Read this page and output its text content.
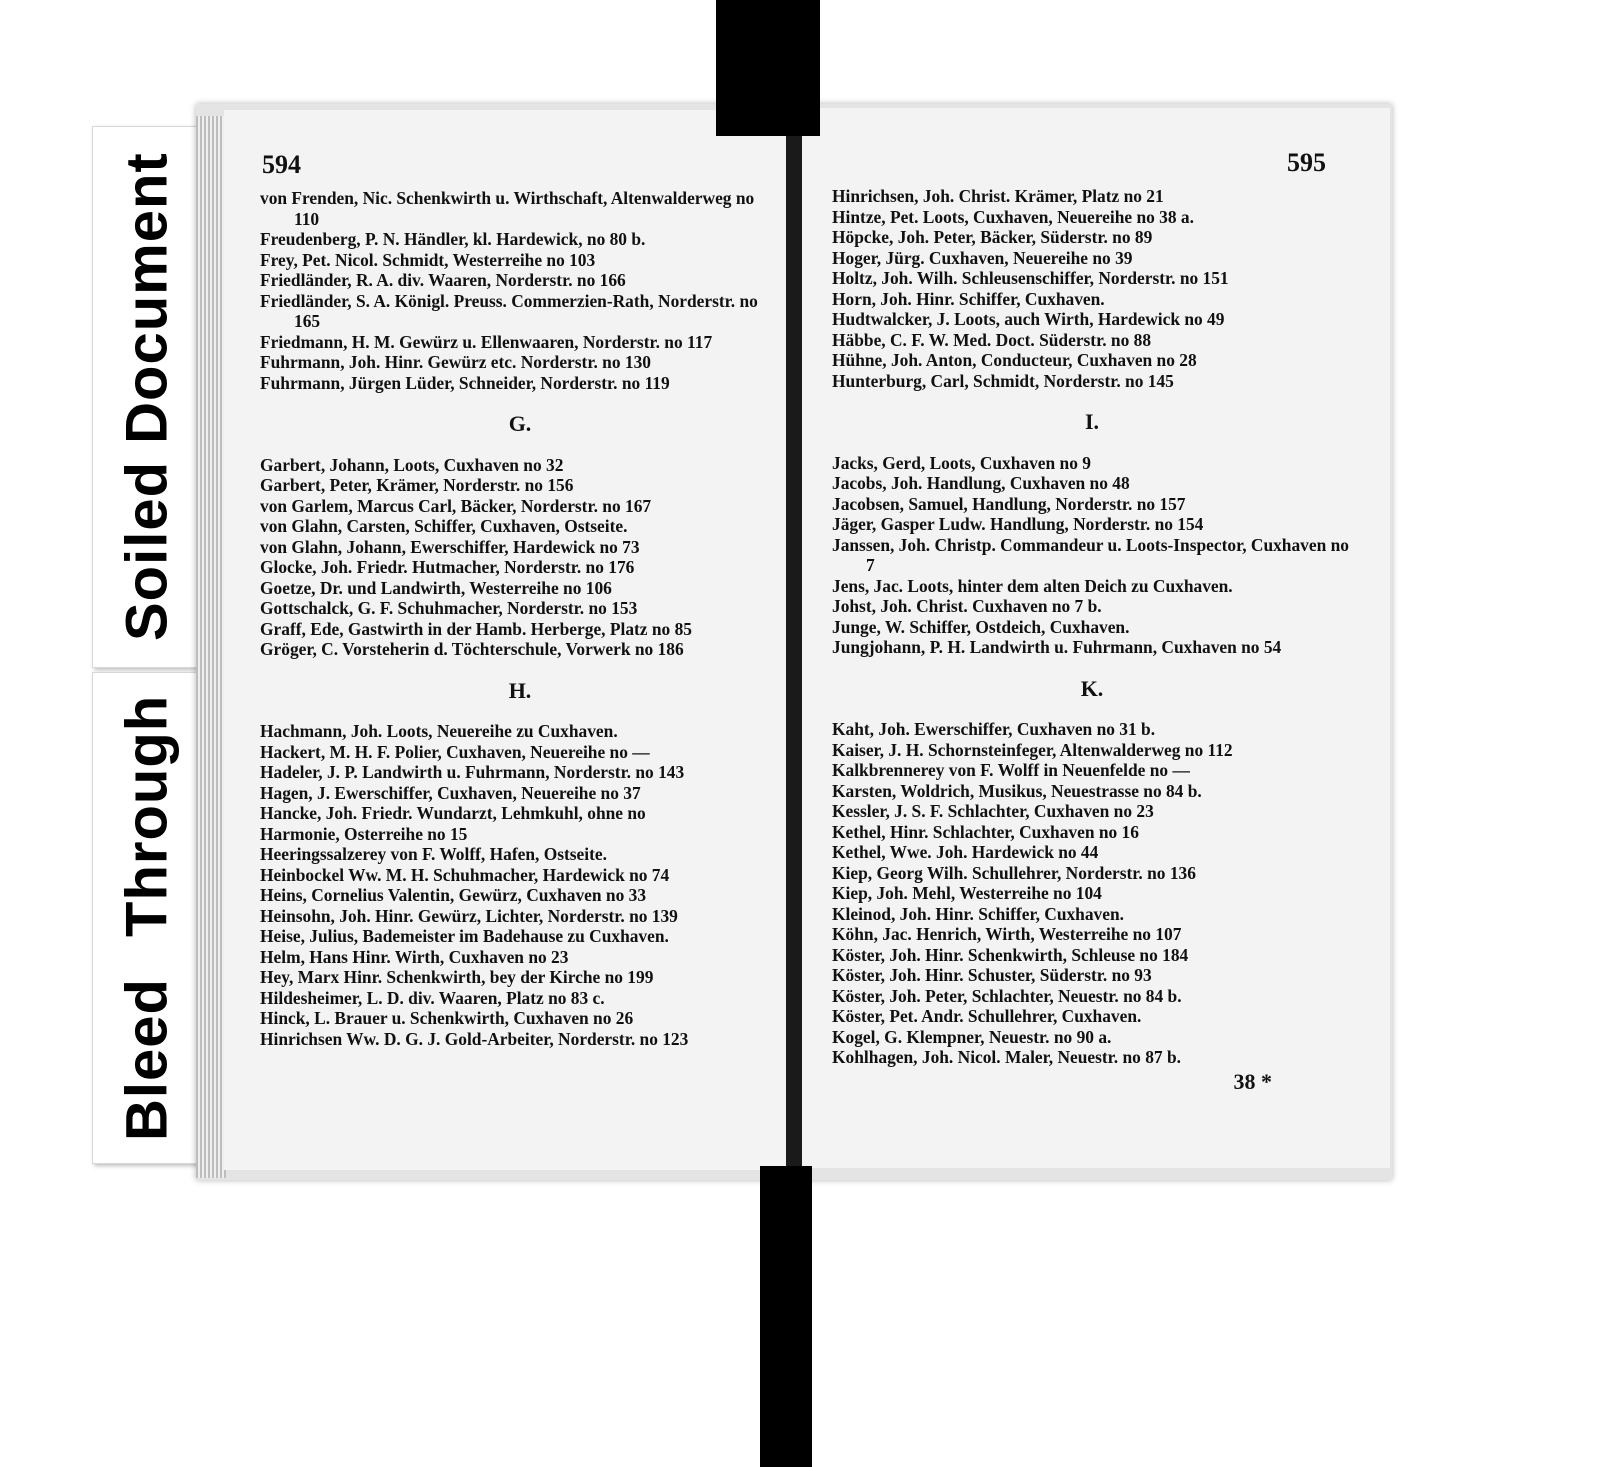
Soiled Document
Bleed Through
594
von Frenden, Nic. Schenkwirth u. Wirthschaft, Altenwalderweg no 110
Freudenberg, P. N. Händler, kl. Hardewick, no 80 b.
Frey, Pet. Nicol. Schmidt, Westerreihe no 103
Friedländer, R. A. div. Waaren, Norderstr. no 166
Friedländer, S. A. Königl. Preuss. Commerzien-Rath, Norderstr. no 165
Friedmann, H. M. Gewürz u. Ellenwaaren, Norderstr. no 117
Fuhrmann, Joh. Hinr. Gewürz etc. Norderstr. no 130
Fuhrmann, Jürgen Lüder, Schneider, Norderstr. no 119
G.
Garbert, Johann, Loots, Cuxhaven no 32
Garbert, Peter, Krämer, Norderstr. no 156
von Garlem, Marcus Carl, Bäcker, Norderstr. no 167
von Glahn, Carsten, Schiffer, Cuxhaven, Ostseite.
von Glahn, Johann, Ewerschiffer, Hardewick no 73
Glocke, Joh. Friedr. Hutmacher, Norderstr. no 176
Goetze, Dr. und Landwirth, Westerreihe no 106
Gottschalck, G. F. Schuhmacher, Norderstr. no 153
Graff, Ede, Gastwirth in der Hamb. Herberge, Platz no 85
Gröger, C. Vorsteherin d. Töchterschule, Vorwerk no 186
H.
Hachmann, Joh. Loots, Neuereihe zu Cuxhaven.
Hackert, M. H. F. Polier, Cuxhaven, Neuereihe no —
Hadeler, J. P. Landwirth u. Fuhrmann, Norderstr. no 143
Hagen, J. Ewerschiffer, Cuxhaven, Neuereihe no 37
Hancke, Joh. Friedr. Wundarzt, Lehmkuhl, ohne no
Harmonie, Osterreihe no 15
Heeringssalzerey von F. Wolff, Hafen, Ostseite.
Heinbockel Ww. M. H. Schuhmacher, Hardewick no 74
Heins, Cornelius Valentin, Gewürz, Cuxhaven no 33
Heinsohn, Joh. Hinr. Gewürz, Lichter, Norderstr. no 139
Heise, Julius, Bademeister im Badehause zu Cuxhaven.
Helm, Hans Hinr. Wirth, Cuxhaven no 23
Hey, Marx Hinr. Schenkwirth, bey der Kirche no 199
Hildesheimer, L. D. div. Waaren, Platz no 83 c.
Hinck, L. Brauer u. Schenkwirth, Cuxhaven no 26
Hinrichsen Ww. D. G. J. Gold-Arbeiter, Norderstr. no 123
595
Hinrichsen, Joh. Christ. Krämer, Platz no 21
Hintze, Pet. Loots, Cuxhaven, Neuereihe no 38 a.
Höpcke, Joh. Peter, Bäcker, Süderstr. no 89
Hoger, Jürg. Cuxhaven, Neuereihe no 39
Holtz, Joh. Wilh. Schleusenschiffer, Norderstr. no 151
Horn, Joh. Hinr. Schiffer, Cuxhaven.
Hudtwalcker, J. Loots, auch Wirth, Hardewick no 49
Häbbe, C. F. W. Med. Doct. Süderstr. no 88
Hühne, Joh. Anton, Conducteur, Cuxhaven no 28
Hunterburg, Carl, Schmidt, Norderstr. no 145
I.
Jacks, Gerd, Loots, Cuxhaven no 9
Jacobs, Joh. Handlung, Cuxhaven no 48
Jacobsen, Samuel, Handlung, Norderstr. no 157
Jäger, Gasper Ludw. Handlung, Norderstr. no 154
Janssen, Joh. Christp. Commandeur u. Loots-Inspector, Cuxhaven no 7
Jens, Jac. Loots, hinter dem alten Deich zu Cuxhaven.
Johst, Joh. Christ. Cuxhaven no 7 b.
Junge, W. Schiffer, Ostdeich, Cuxhaven.
Jungjohann, P. H. Landwirth u. Fuhrmann, Cuxhaven no 54
K.
Kaht, Joh. Ewerschiffer, Cuxhaven no 31 b.
Kaiser, J. H. Schornsteinfeger, Altenwalderweg no 112
Kalkbrennerey von F. Wolff in Neuenfelde no —
Karsten, Woldrich, Musikus, Neuestrasse no 84 b.
Kessler, J. S. F. Schlachter, Cuxhaven no 23
Kethel, Hinr. Schlachter, Cuxhaven no 16
Kethel, Wwe. Joh. Hardewick no 44
Kiep, Georg Wilh. Schullehrer, Norderstr. no 136
Kiep, Joh. Mehl, Westerreihe no 104
Kleinod, Joh. Hinr. Schiffer, Cuxhaven.
Köhn, Jac. Henrich, Wirth, Westerreihe no 107
Köster, Joh. Hinr. Schenkwirth, Schleuse no 184
Köster, Joh. Hinr. Schuster, Süderstr. no 93
Köster, Joh. Peter, Schlachter, Neuestr. no 84 b.
Köster, Pet. Andr. Schullehrer, Cuxhaven.
Kogel, G. Klempner, Neuestr. no 90 a.
Kohlhagen, Joh. Nicol. Maler, Neuestr. no 87 b.
38 *
